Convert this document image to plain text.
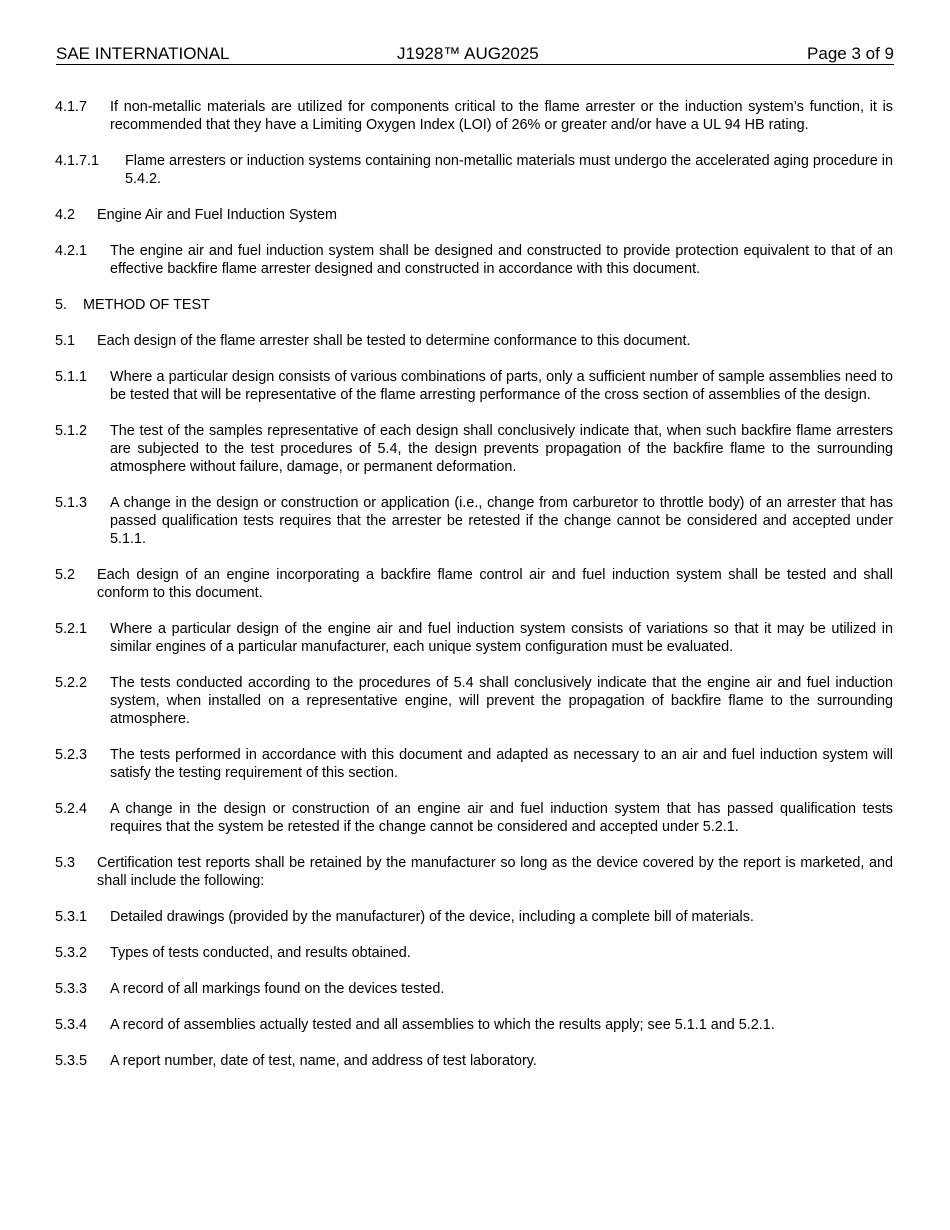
SAE INTERNATIONAL	J1928™ AUG2025	Page 3 of 9
4.1.7 If non-metallic materials are utilized for components critical to the flame arrester or the induction system’s function, it is recommended that they have a Limiting Oxygen Index (LOI) of 26% or greater and/or have a UL 94 HB rating.
4.1.7.1 Flame arresters or induction systems containing non-metallic materials must undergo the accelerated aging procedure in 5.4.2.
4.2 Engine Air and Fuel Induction System
4.2.1 The engine air and fuel induction system shall be designed and constructed to provide protection equivalent to that of an effective backfire flame arrester designed and constructed in accordance with this document.
5. METHOD OF TEST
5.1 Each design of the flame arrester shall be tested to determine conformance to this document.
5.1.1 Where a particular design consists of various combinations of parts, only a sufficient number of sample assemblies need to be tested that will be representative of the flame arresting performance of the cross section of assemblies of the design.
5.1.2 The test of the samples representative of each design shall conclusively indicate that, when such backfire flame arresters are subjected to the test procedures of 5.4, the design prevents propagation of the backfire flame to the surrounding atmosphere without failure, damage, or permanent deformation.
5.1.3 A change in the design or construction or application (i.e., change from carburetor to throttle body) of an arrester that has passed qualification tests requires that the arrester be retested if the change cannot be considered and accepted under 5.1.1.
5.2 Each design of an engine incorporating a backfire flame control air and fuel induction system shall be tested and shall conform to this document.
5.2.1 Where a particular design of the engine air and fuel induction system consists of variations so that it may be utilized in similar engines of a particular manufacturer, each unique system configuration must be evaluated.
5.2.2 The tests conducted according to the procedures of 5.4 shall conclusively indicate that the engine air and fuel induction system, when installed on a representative engine, will prevent the propagation of backfire flame to the surrounding atmosphere.
5.2.3 The tests performed in accordance with this document and adapted as necessary to an air and fuel induction system will satisfy the testing requirement of this section.
5.2.4 A change in the design or construction of an engine air and fuel induction system that has passed qualification tests requires that the system be retested if the change cannot be considered and accepted under 5.2.1.
5.3 Certification test reports shall be retained by the manufacturer so long as the device covered by the report is marketed, and shall include the following:
5.3.1 Detailed drawings (provided by the manufacturer) of the device, including a complete bill of materials.
5.3.2 Types of tests conducted, and results obtained.
5.3.3 A record of all markings found on the devices tested.
5.3.4 A record of assemblies actually tested and all assemblies to which the results apply; see 5.1.1 and 5.2.1.
5.3.5 A report number, date of test, name, and address of test laboratory.
